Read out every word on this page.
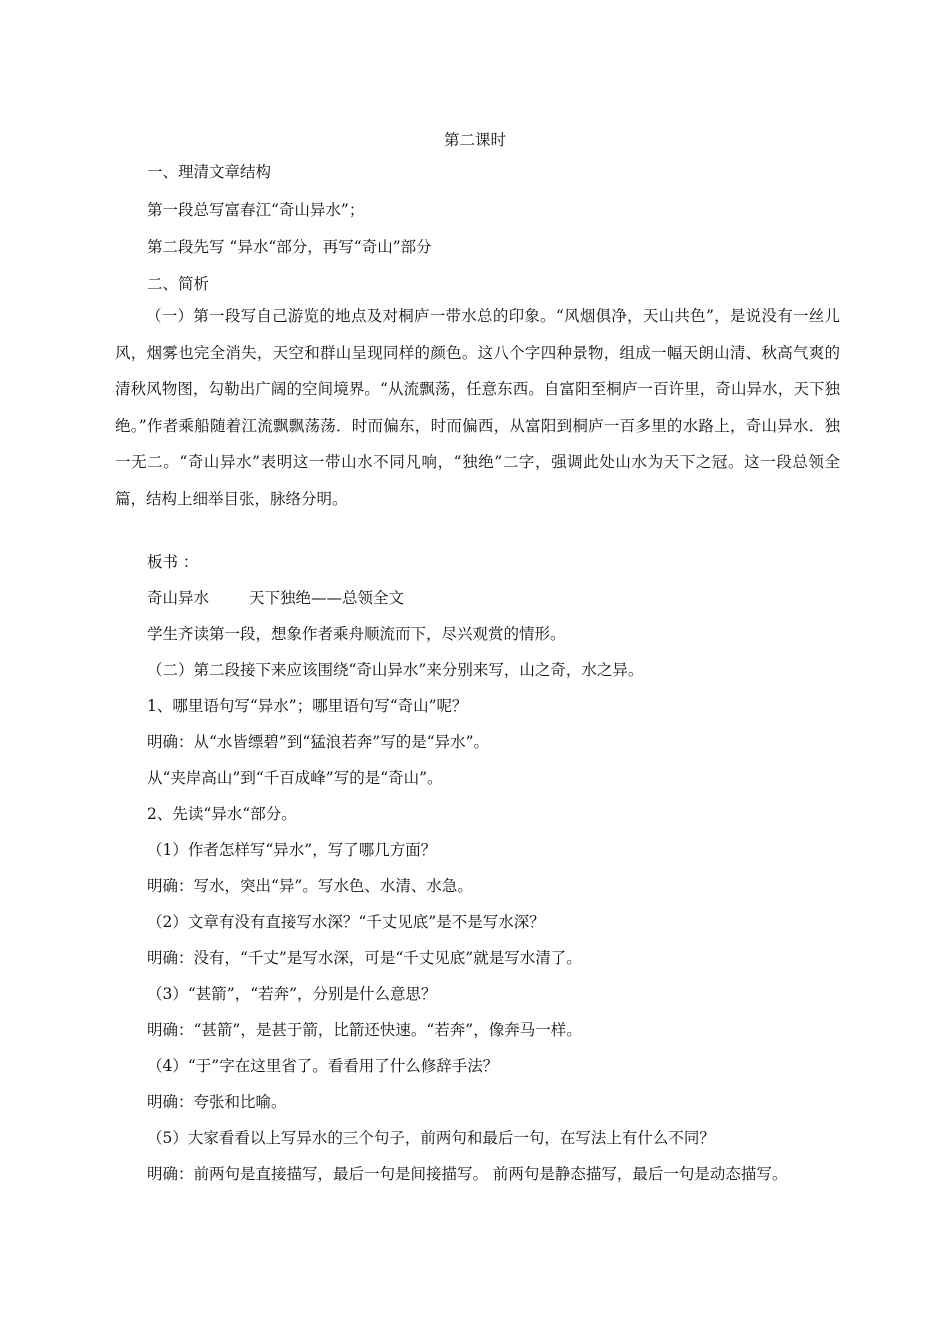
第二课时
一、理清文章结构
第一段总写富春江“奇山异水”；
第二段先写 “异水“部分，再写“奇山”部分
二、简析

（一）第一段写自己游览的地点及对桐庐一带水总的印象。“风烟俱净，天山共色”，是说没有一丝儿风，烟雾也完全消失，天空和群山呈现同样的颜色。这八个字四种景物，组成一幅天朗山清、秋高气爽的清秋风物图，勾勒出广阔的空间境界。“从流飘荡，任意东西。自富阳至桐庐一百许里，奇山异水，天下独绝。”作者乘船随着江流飘飘荡荡．时而偏东，时而偏西，从富阳到桐庐一百多里的水路上，奇山异水．独一无二。“奇山异水”表明这一带山水不同凡响，“独绝”二字，强调此处山水为天下之冠。这一段总领全篇，结构上细举目张，脉络分明。

板书 ：
奇山异水	天下独绝——总领全文
学生齐读第一段，想象作者乘舟顺流而下，尽兴观赏的情形。
（二）第二段接下来应该围绕“奇山异水”来分别来写，山之奇，水之异。
1、哪里语句写“异水”；哪里语句写“奇山”呢？
明确：从“水皆缥碧”到“猛浪若奔”写的是“异水”。
从“夹岸高山”到“千百成峰”写的是“奇山”。
2、先读“异水“部分。
（1）作者怎样写“异水”，写了哪几方面？
明确：写水，突出“异”。写水色、水清、水急。
（2）文章有没有直接写水深？“千丈见底”是不是写水深？
明确：没有，“千丈”是写水深，可是“千丈见底”就是写水清了。
（3）“甚箭”，“若奔”，分别是什么意思？
明确：“甚箭”，是甚于箭，比箭还快速。“若奔”，像奔马一样。
（4）“于”字在这里省了。看看用了什么修辞手法？
明确：夸张和比喻。
（5）大家看看以上写异水的三个句子，前两句和最后一句，在写法上有什么不同？
明确：前两句是直接描写，最后一句是间接描写。 前两句是静态描写，最后一句是动态描写。
